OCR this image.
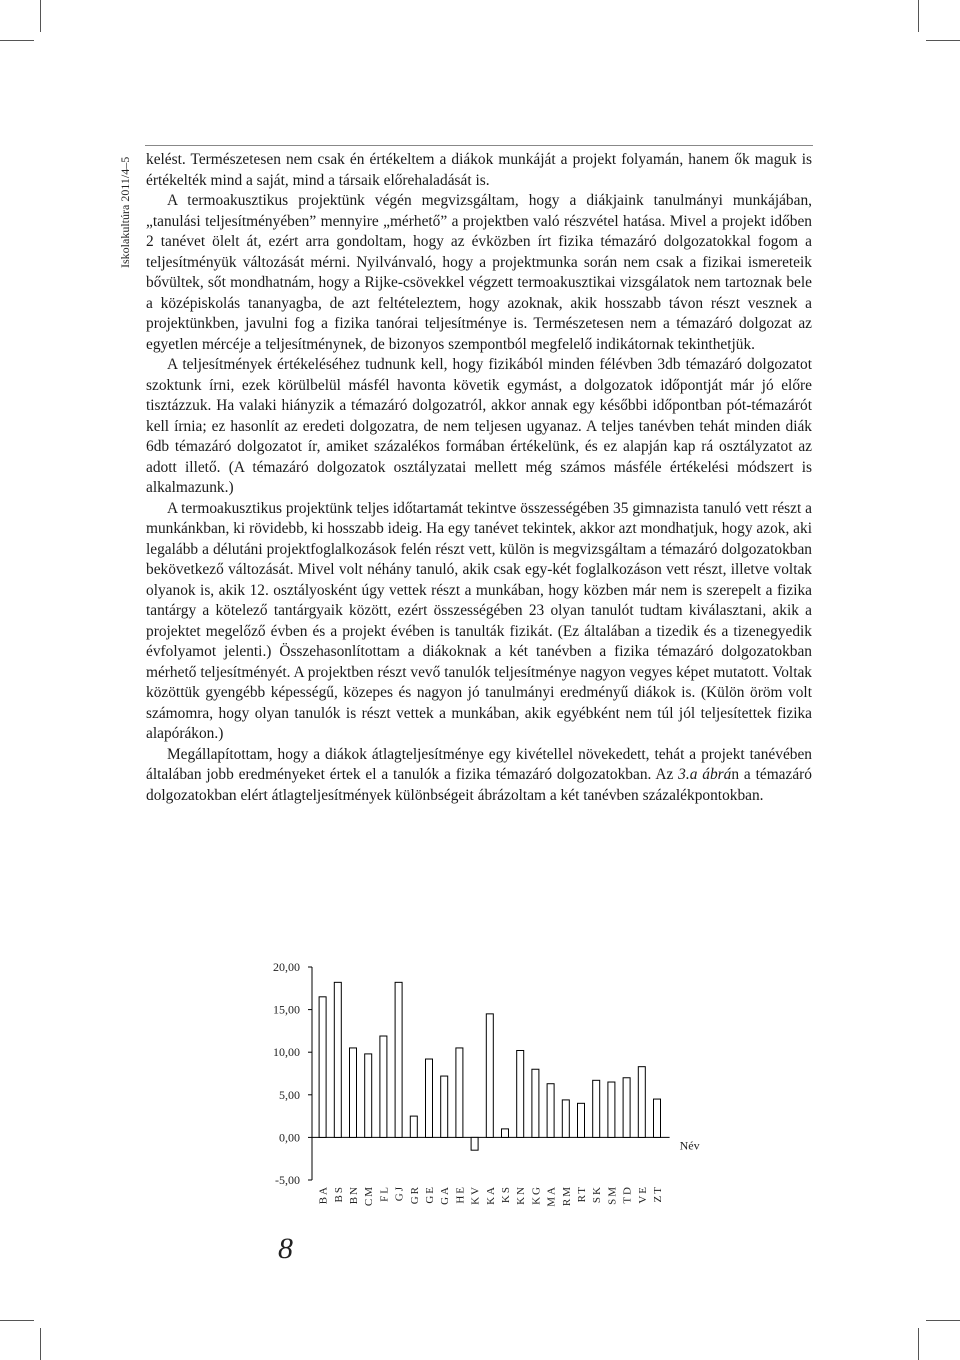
Iskolakultúra 2011/4–5 kelést. Természetesen nem csak én értékeltem a diákok munkáját a projekt folyamán, hanem ők maguk is értékelték mind a saját, mind a társaik előrehaladását is.

A termoakusztikus projektünk végén megvizsgáltam, hogy a diákjaink tanulmányi munkájában, „tanulási teljesítményében” mennyire „mérhető” a projektben való részvétel hatása. Mivel a projekt időben 2 tanévet ölelt át, ezért arra gondoltam, hogy az évközben írt fizika témazáró dolgozatokkal fogom a teljesítményük változását mérni. Nyilvánvaló, hogy a projektmunka során nem csak a fizikai ismereteik bővültek, sőt mondhatnám, hogy a Rijke-csövekkel végzett termoakusztikai vizsgálatok nem tartoznak bele a középiskolás tananyagba, de azt feltételeztem, hogy azoknak, akik hosszabb távon részt vesznek a projektünkben, javulni fog a fizika tanórai teljesítménye is. Természetesen nem a témazáró dolgozat az egyetlen mércéje a teljesítménynek, de bizonyos szempontból megfelelő indikátornak tekinthetjük.

A teljesítmények értékeléséhez tudnunk kell, hogy fizikából minden félévben 3db témazáró dolgozatot szoktunk írni, ezek körülbelül másfél havonta követik egymást, a dolgozatok időpontját már jó előre tisztázzuk. Ha valaki hiányzik a témazáró dolgozatról, akkor annak egy későbbi időpontban pót-témazárót kell írnia; ez hasonlít az eredeti dolgozatra, de nem teljesen ugyanaz. A teljes tanévben tehát minden diák 6db témazáró dolgozatot ír, amiket százalékos formában értékelünk, és ez alapján kap rá osztályzatot az adott illető. (A témazáró dolgozatok osztályzatai mellett még számos másféle értékelési módszert is alkalmazunk.)

A termoakusztikus projektünk teljes időtartamát tekintve összességében 35 gimnazista tanuló vett részt a munkánkban, ki rövidebb, ki hosszabb ideig. Ha egy tanévet tekintek, akkor azt mondhatjuk, hogy azok, aki legalább a délutáni projektfoglalkozások felén részt vett, külön is megvizsgáltam a témazáró dolgozatokban bekövetkező változását. Mivel volt néhány tanuló, akik csak egy-két foglalkozáson vett részt, illetve voltak olyanok is, akik 12. osztályosként úgy vettek részt a munkában, hogy közben már nem is szerepelt a fizika tantárgy a kötelező tantárgyaik között, ezért összességében 23 olyan tanulót tudtam kiválasztani, akik a projektet megelőző évben és a projekt évében is tanulták fizikát. (Ez általában a tizedik és a tizenegyedik évfolyamot jelenti.) Összehasonlítottam a diákoknak a két tanévben a fizika témazáró dolgozatokban mérhető teljesítményét. A projektben részt vevő tanulók teljesítménye nagyon vegyes képet mutatott. Voltak közöttük gyengébb képességű, közepes és nagyon jó tanulmányi eredményű diákok is. (Külön öröm volt számomra, hogy olyan tanulók is részt vettek a munkában, akik egyébként nem túl jól teljesítettek fizika alapórákon.)

Megállapítottam, hogy a diákok átlagteljesítménye egy kivétellel növekedett, tehát a projekt tanévében általában jobb eredményeket értek el a tanulók a fizika témazáró dolgozatokban. Az 3.a ábrán a témazáró dolgozatokban elért átlagteljesítmények különbségeit ábrázoltam a két tanévben százalékpontokban.

20,00
15,00
10,00
5,00
0,00
-5,00
BA BS BN CM FL GJ GR GE GA HE KV KA KS KN KG MA RM RT SK SM TD VE ZT
Név
8
